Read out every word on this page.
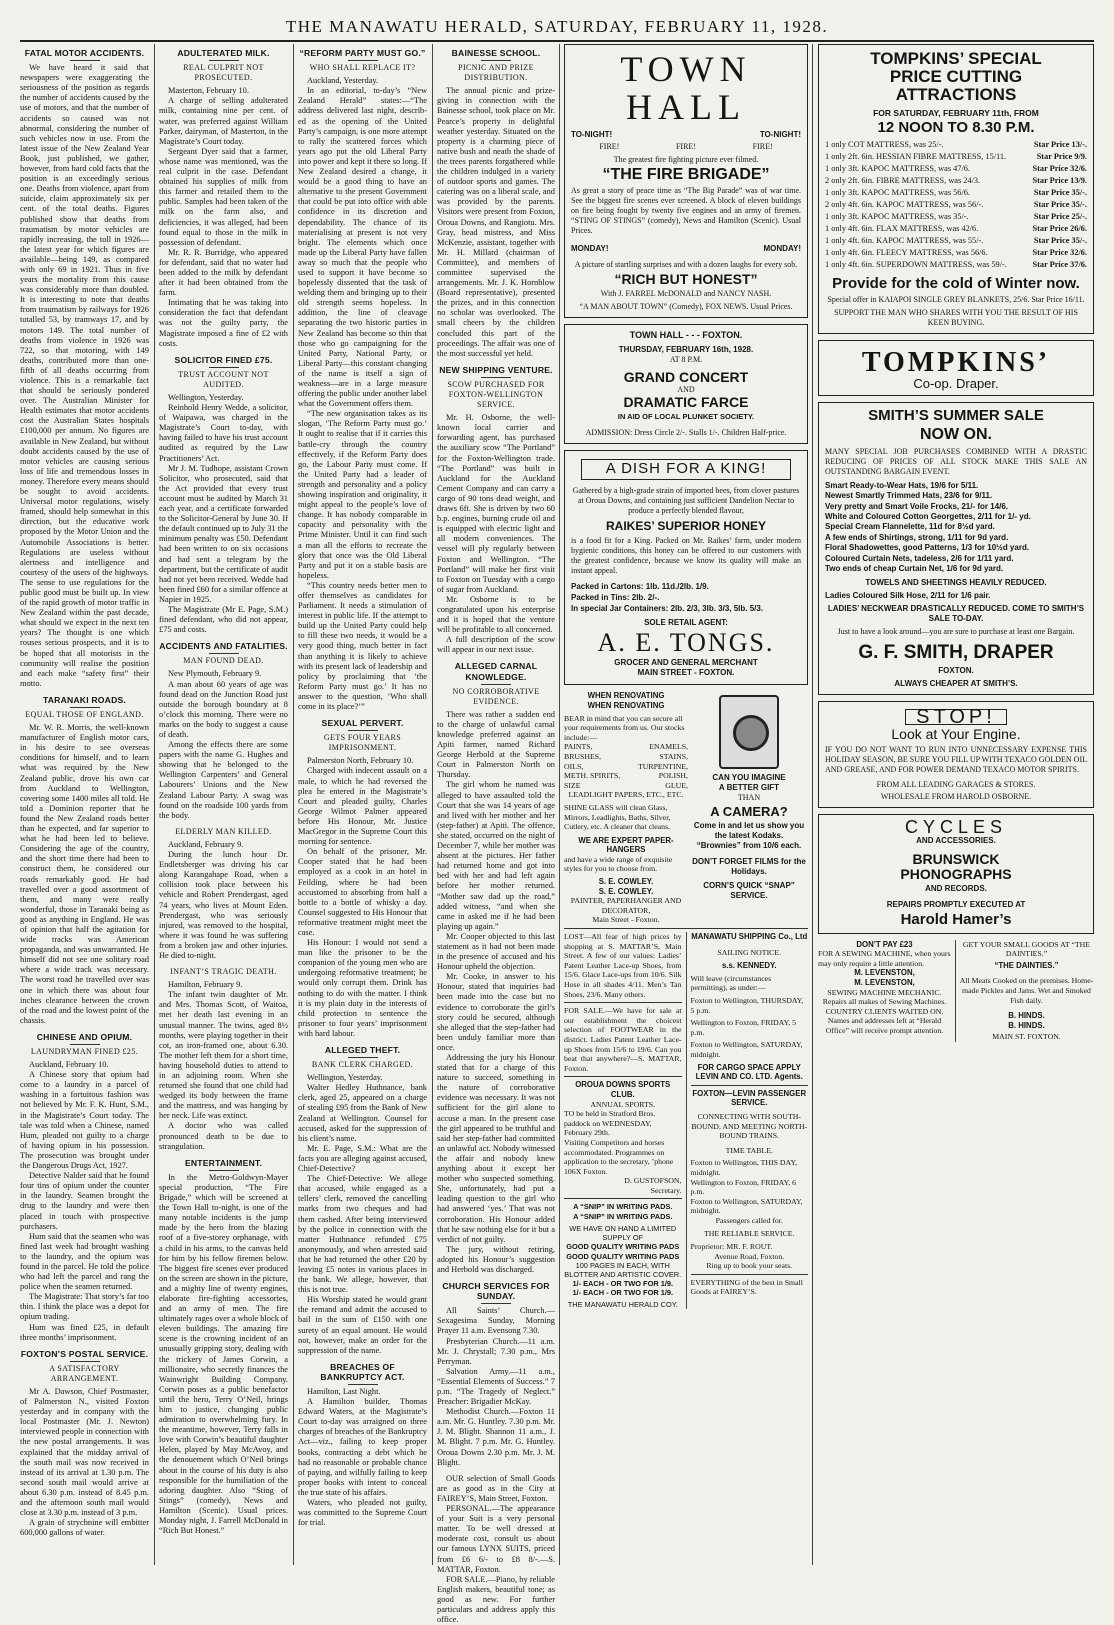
THE MANAWATU HERALD, SATURDAY, FEBRUARY 11, 1928.
FATAL MOTOR ACCIDENTS.

We have heard it said that newspapers were exaggerating the seriousness of the position as regards the number of accidents caused by the use of motors, and that the number of accidents so caused was not abnormal, considering the number of such vehicles now in use. From the latest issue of the New Zealand Year Book, just published, we gather, however, from hard cold facts that the position is an exceedingly serious one. Deaths from violence, apart from suicide, claim approximately six per cent. of the total deaths. Figures published show that deaths from traumatism by motor vehicles are rapidly increasing, the toll in 1926—the latest year for which figures are available—being 149, as compared with only 69 in 1921. Thus in five years the mortality from this cause was considerably more than doubled. It is interesting to note that deaths from traumatism by railways for 1926 totalled 53, by tramways 17, and by motors 149. The total number of deaths from violence in 1926 was 722, so that motoring, with 149 deaths, contributed more than one-fifth of all deaths occurring from violence. This is a remarkable fact that should be seriously pondered over. The Australian Minister for Health estimates that motor accidents cost the Australian States hospitals £100,000 per annum. No figures are available in New Zealand, but without doubt accidents caused by the use of motor vehicles are causing serious loss of life and tremendous losses in money. Therefore every means should be sought to avoid accidents. Universal motor regulations, wisely framed, should help somewhat in this direction, but the educative work proposed by the Motor Union and the Automobile Associations is better. Regulations are useless without alertness and intelligence and courtesy of the users of the highways. The sense to use regulations for the public good must be built up. In view of the rapid growth of motor traffic in New Zealand within the past decade, what should we expect in the next ten years? The thought is one which rouses serious prospects, and it is to be hoped that all motorists in the community will realise the position and each make “safety first” their motto.

TARANAKI ROADS.
EQUAL THOSE OF ENGLAND.

Mr. W. R. Morris, the well-known manufacturer of English motor cars, in his desire to see overseas conditions for himself, and to learn what was required by the New Zealand public, drove his own car from Auckland to Wellington, covering some 1400 miles all told. He told a Dominion reporter that he found the New Zealand roads better than he expected, and far superior to what he had been led to believe. Considering the age of the country, and the short time there had been to construct them, he considered our roads remarkably good. He had travelled over a good assortment of them, and many were really wonderful, those in Taranaki being as good as anything in England. He was of opinion that half the agitation for wide tracks was American propaganda, and was unwarranted. He himself did not see one solitary road where a wide track was necessary. The worst road he travelled over was one in which there was about four inches clearance between the crown of the road and the lowest point of the chassis.

CHINESE AND OPIUM.
LAUNDRYMAN FINED £25.

Auckland, February 10.

A Chinese story that opium had come to a laundry in a parcel of washing in a fortuitous fashion was not believed by Mr. F. K. Hunt, S.M., in the Magistrate’s Court today. The tale was told when a Chinese, named Hum, pleaded not guilty to a charge of having opium in his possession. The prosecution was brought under the Dangerous Drugs Act, 1927.

Detective Nalder said that he found four tins of opium under the counter in the laundry. Seamen brought the drug to the laundry and were then placed in touch with prospective purchasers.

Hum said that the seamen who was fined last week had brought washing to the laundry, and the opium was found in the parcel. He told the police who had left the parcel and rang the police when the seamen returned.

The Magistrate: That story’s far too thin. I think the place was a depot for opium trading.

Hum was fined £25, in default three months’ imprisonment.

FOXTON’S POSTAL SERVICE.
A SATISFACTORY ARRANGEMENT.

Mr A. Dawson, Chief Postmaster, of Palmerston N., visited Foxton yesterday and in company with the local Postmaster (Mr. J. Newton) interviewed people in connection with the new postal arrangements. It was explained that the midday arrival of the south mail was now received in instead of its arrival at 1.30 p.m. The second south mail would arrive at about 6.30 p.m. instead of 8.45 p.m. and the afternoon south mail would close at 3.30 p.m. instead of 3 p.m.

A grain of strychnine will embitter 600,000 gallons of water.

ADULTERATED MILK.
REAL CULPRIT NOT PROSECUTED.

Masterton, February 10.

A charge of selling adulterated milk, containing nine per cent. of water, was preferred against William Parker, dairyman, of Masterton, in the Magistrate’s Court today.

Sergeant Dyer said that a farmer, whose name was mentioned, was the real culprit in the case. Defendant obtained his supplies of milk from this farmer and retailed them to the public. Samples had been taken of the milk on the farm also, and deficiencies, it was alleged, had been found equal to those in the milk in possession of defendant.

Mr. R. R. Burridge, who appeared for defendant, said that no water had been added to the milk by defendant after it had been obtained from the farm.

Intimating that he was taking into consideration the fact that defendant was not the guilty party, the Magistrate imposed a fine of £2 with costs.

SOLICITOR FINED £75.
TRUST ACCOUNT NOT AUDITED.

Wellington, Yesterday.

Reinhold Henry Wedde, a solicitor, of Waipawa, was charged in the Magistrate’s Court to-day, with having failed to have his trust account audited as required by the Law Practitioners’ Act.

Mr J. M. Tudhope, assistant Crown Solicitor, who prosecuted, said that the Act provided that every trust account must be audited by March 31 each year, and a certificate forwarded to the Solicitor-General by June 30. If the default continued up to July 31 the minimum penalty was £50. Defendant had been written to on six occasions and had sent a telegram by the department, but the certificate of audit had not yet been received. Wedde had been fined £60 for a similar offence at Napier in 1925.

The Magistrate (Mr E. Page, S.M.) fined defendant, who did not appear, £75 and costs.

ACCIDENTS AND FATALITIES.
MAN FOUND DEAD.

New Plymouth, February 9.

A man about 60 years of age was found dead on the Junction Road just outside the borough boundary at 8 o’clock this morning. There were no marks on the body to suggest a cause of death.

Among the effects there are some papers with the name G. Hughes and showing that he belonged to the Wellington Carpenters’ and General Labourers’ Unions and the New Zealand Labour Party. A swag was found on the roadside 100 yards from the body.

ELDERLY MAN KILLED.

Auckland, February 9.

During the lunch hour Dr. Endletsberger was driving his car along Karangahape Road, when a collision took place between his vehicle and Robert Prendergast, aged 74 years, who lives at Mount Eden. Prendergast, who was seriously injured, was removed to the hospital, where it was found he was suffering from a broken jaw and other injuries. He died to-night.

INFANT’S TRAGIC DEATH.

Hamilton, February 9.

The infant twin daughter of Mr. and Mrs. Thomas Scott, of Waitoa, met her death last evening in an unusual manner. The twins, aged 8½ months, were playing together in their cot, an iron-framed one, about 6.30. The mother left them for a short time, having household duties to attend to in an adjoining room. When she returned she found that one child had wedged its body between the frame and the mattress, and was hanging by her neck. Life was extinct.

A doctor who was called pronounced death to be due to strangulation.

ENTERTAINMENT.

In the Metro-Goldwyn-Mayer special production, “The Fire Brigade,” which will be screened at the Town Hall to-night, is one of the many notable incidents is the jump made by the hero from the blazing roof of a five-storey orphanage, with a child in his arms, to the canvas held for him by his fellow firemen below. The biggest fire scenes ever produced on the screen are shown in the picture, and a mighty line of twenty engines, elaborate fire-fighting accessories, and an army of men. The fire ultimately rages over a whole block of eleven buildings. The amazing fire scene is the crowning incident of an unusually gripping story, dealing with the trickery of James Corwin, a millionaire, who secretly finances the Wainwright Building Company. Corwin poses as a public benefactor until the hero, Terry O’Neil, brings him to justice, changing public admiration to overwhelming fury. In the meantime, however, Terry falls in love with Corwin’s beautiful daughter Helen, played by May McAvoy, and the denouement which O’Neil brings about in the course of his duty is also responsible for the humiliation of the adoring daughter. Also “Sting of Stings” (comedy), News and Hamilton (Scenic). Usual prices. Monday night, J. Farrell McDonald in “Rich But Honest.”

“REFORM PARTY MUST GO.”
WHO SHALL REPLACE IT?

Auckland, Yesterday.

In an editorial, to-day’s “New Zealand Herald” states:—“The address delivered last night, describ-ed as the opening of the United Party’s campaign, is one more attempt to rally the scattered forces which years ago put the old Liberal Party into power and kept it there so long. If New Zealand desired a change, it would be a good thing to have an alternative to the present Government that could be put into office with able confidence in its discretion and dependability. The chance of its materialising at present is not very bright. The elements which once made up the Liberal Party have fallen away so much that the people who used to support it have become so hopelessly dissented that the task of welding them and bringing up to their old strength seems hopeless. In addition, the line of cleavage separating the two historic parties in New Zealand has become so thin that those who go campaigning for the United Party, National Party, or Liberal Party—this constant changing of the name is itself a sign of weakness—are in a large measure offering the public under another label what the Government offers them.

“The new organisation takes as its slogan, ‘The Reform Party must go.’ It ought to realise that if it carries this battle-cry through the country effectively, if the Reform Party does go, the Labour Party must come. If the United Party had a leader of strength and personality and a policy showing inspiration and originality, it might appeal to the people’s love of change. It has nobody comparable in capacity and personality with the Prime Minister. Until it can find such a man all the efforts to recreate the glory that once was the Old Liberal Party and put it on a stable basis are hopeless.

“This country needs better men to offer themselves as candidates for Parliament. It needs a stimulation of interest in public life. If the attempt to build up the United Party could help to fill these two needs, it would be a very good thing, much better in fact than anything it is likely to achieve with its present lack of leadership and policy by proclaiming that ‘the Reform Party must go.’ It has no answer to the question, ‘Who shall come in its place?’”

SEXUAL PERVERT.
GETS FOUR YEARS IMPRISONMENT.

Palmerston North, February 10.

Charged with indecent assault on a male, to which he had reversed the plea he entered in the Magistrate’s Court and pleaded guilty, Charles George Wilmot Palmer appeared before His Honour, Mr. Justice MacGregor in the Supreme Court this morning for sentence.

On behalf of the prisoner, Mr. Cooper stated that he had been employed as a cook in an hotel in Feilding, where he had been accustomed to absorbing from half a bottle to a bottle of whisky a day. Counsel suggested to His Honour that reformative treatment might meet the case.

His Honour: I would not send a man like the prisoner to be the companion of the young men who are undergoing reformative treatment; he would only corrupt them. Drink has nothing to do with the matter. I think it is my plain duty in the interests of child protection to sentence the prisoner to four years’ imprisonment with hard labour.

ALLEGED THEFT.
BANK CLERK CHARGED.

Wellington, Yesterday.

Walter Hedley Huthnance, bank clerk, aged 25, appeared on a charge of stealing £95 from the Bank of New Zealand at Wellington. Counsel for accused, asked for the suppression of his client’s name.

Mr. E. Page, S.M.: What are the facts you are alleging against accused, Chief-Detective?

The Chief-Detective: We allege that accused, while engaged as a tellers’ clerk, removed the cancelling marks from two cheques and had them cashed. After being interviewed by the police in connection with the matter Huthnance refunded £75 anonymously, and when arrested said that he had returned the other £20 by leaving £5 notes in various places in the bank. We allege, however, that this is not true.

His Worship stated he would grant the remand and admit the accused to bail in the sum of £150 with one surety of an equal amount. He would not, however, make an order for the suppression of the name.

BREACHES OF BANKRUPTCY ACT.

Hamilton, Last Night.

A Hamilton builder, Thomas Edward Waters, at the Magistrate’s Court to-day was arraigned on three charges of breaches of the Bankruptcy Act—viz., failing to keep proper books, contracting a debt which he had no reasonable or probable chance of paying, and wilfully failing to keep proper books with intent to conceal the true state of his affairs.

Waters, who pleaded not guilty, was committed to the Supreme Court for trial.

BAINESSE SCHOOL.
PICNIC AND PRIZE DISTRIBUTION.

The annual picnic and prize-giving in connection with the Bainesse school, took place on Mr. Pearce’s property in delightful weather yesterday. Situated on the property is a charming piece of native bush and neath the shade of the trees parents forgathered while the children indulged in a variety of outdoor sports and games. The catering was on a liberal scale, and was provided by the parents. Visitors were present from Foxton, Oroua Downs, and Rangiotu. Mrs. Gray, head mistress, and Miss McKenzie, assistant, together with Mr. H. Millard (chairman of Committee), and members of committee supervised the arrangements. Mr. J. K. Hornblow (Board representative), presented the prizes, and in this connection no scholar was overlooked. The small cheers by the children concluded this part of the proceedings. The affair was one of the most successful yet held.

NEW SHIPPING VENTURE.
SCOW PURCHASED FOR FOXTON-WELLINGTON SERVICE.

Mr. H. Osborne, the well-known local carrier and forwarding agent, has purchased the auxiliary scow “The Portland” for the Foxton-Wellington trade. “The Portland” was built in Auckland for the Auckland Cement Company and can carry a cargo of 90 tons dead weight, and draws 6ft. She is driven by two 60 b.p. engines, burning crude oil and is equipped with electric light and all modern conveniences. The vessel will ply regularly between Foxton and Wellington. “The Portland” will make her first visit to Foxton on Tuesday with a cargo of sugar from Auckland.

Mr. Osborne is to be congratulated upon his enterprise and it is hoped that the venture will be profitable to all concerned.

A full description of the scow will appear in our next issue.

ALLEGED CARNAL KNOWLEDGE.
NO CORROBORATIVE EVIDENCE.

There was rather a sudden end to the charge of unlawful carnal knowledge preferred against an Apiti farmer, named Richard George Herbold at the Supreme Court in Palmerston North on Thursday.

The girl whom he named was alleged to have assaulted told the Court that she was 14 years of age and lived with her mother and her (step-father) at Apiti. The offence, she stated, occurred on the night of December 7, while her mother was absent at the pictures. Her father had returned home and got into bed with her and had left again before her mother returned. “Mother saw dad up the road,” added witness, “and when she came in asked me if he had been playing up again.”

Mr. Cooper objected to this last statement as it had not been made in the presence of accused and his Honour upheld the objection.

Mr. Cooke, in answer to his Honour, stated that inquiries had been made into the case but no evidence to corroborate the girl’s story could be secured, although she alleged that the step-father had been unduly familiar more than once.

Addressing the jury his Honour stated that for a charge of this nature to succeed, something in the nature of corroborative evidence was necessary. It was not sufficient for the girl alone to accuse a man. In the present case the girl appeared to be truthful and said her step-father had committed an unlawful act. Nobody witnessed the affair and nobody knew anything about it except her mother who suspected something. She, unfortunately, had put a leading question to the girl who had answered ‘yes.’ That was not corroboration. His Honour added that he saw nothing else for it but a verdict of not guilty.

The jury, without retiring, adopted his Honour’s suggestion and Herbold was discharged.

CHURCH SERVICES FOR SUNDAY.

All Saints’ Church.—Sexagesima Sunday, Morning Prayer 11 a.m. Evensong 7.30.

Presbyterian Church.—11 a.m. Mr. J. Chrystall; 7.30 p.m., Mrs Perryman.

Salvation Army.—11 a.m., “Essential Elements of Success.” 7 p.m. “The Tragedy of Neglect.” Preacher: Brigadier McKay.

Methodist Church.—Foxton 11 a.m. Mr. G. Huntley. 7.30 p.m. Mr. J. M. Blight. Shannon 11 a.m., J. M. Blight. 7 p.m. Mr. G. Huntley. Oroua Downs 2.30 p.m. Mr. J. M. Blight.

OUR selection of Small Goods are as good as in the City at FAIREY’S, Main Street, Foxton.

PERSONAL.—The appearance of your Suit is a very personal matter. To be well dressed at moderate cost, consult us about our famous LYNX SUITS, priced from £6 6/- to £8 8/-.—S. MATTAR, Foxton.

FOR SALE.—Piano, by reliable English makers, beautiful tone; as good as new. For further particulars and address apply this office.

TOWN HALL
TO-NIGHT!	TO-NIGHT!
FIRE!	FIRE!	FIRE!
The greatest fire fighting picture ever filmed.
“THE FIRE BRIGADE”
As great a story of peace time as “The Big Parade” was of war time. See the biggest fire scenes ever screened. A block of eleven buildings on fire being fought by twenty five engines and an army of firemen. “STING OF STINGS” (comedy), News and Hamilton (Scenic). Usual Prices.
MONDAY!	MONDAY!
A picture of startling surprises and with a dozen laughs for every sob.
“RICH BUT HONEST”
With J. FARREL McDONALD and NANCY NASH.
“A MAN ABOUT TOWN” (Comedy), FOX NEWS. Usual Prices.
TOWN HALL - - - FOXTON.
THURSDAY, FEBRUARY 16th, 1928.
AT 8 P.M.
GRAND CONCERT
AND
DRAMATIC FARCE
IN AID OF LOCAL PLUNKET SOCIETY.
ADMISSION: Dress Circle 2/-. Stalls 1/-. Children Half-price.
A DISH FOR A KING!
Gathered by a high-grade strain of imported bees, from clover pastures at Oroua Downs, and containing just sufficient Dandelion Nectar to produce a perfectly blended flavour,
RAIKES’ SUPERIOR HONEY
is a food fit for a King. Packed on Mr. Raikes’ farm, under modern hygienic conditions, this honey can be offered to our customers with the greatest confidence, because we know its quality will make an instant appeal.
Packed in Cartons: 1lb. 11d./2lb. 1/9.
Packed in Tins: 2lb. 2/-.
In special Jar Containers: 2lb. 2/3, 3lb. 3/3, 5lb. 5/3.
SOLE RETAIL AGENT:
A. E. TONGS.
GROCER AND GENERAL MERCHANT
MAIN STREET - FOXTON.
WHEN RENOVATING
WHEN RENOVATING
BEAR in mind that you can secure all your requirements from us. Our stocks include:—
PAINTS,	ENAMELS,
BRUSHES,	STAINS,
OILS,	TURPENTINE,
METH. SPIRITS,	POLISH,
SIZE	GLUE,
LEADLIGHT PAPERS, ETC., ETC.
SHINE GLASS will clean Glass, Mirrors, Leadlights, Baths, Silver, Cutlery, etc. A cleaner that cleans.
WE ARE EXPERT PAPER-HANGERS
and have a wide range of exquisite styles for you to choose from.
S. E. COWLEY.
S. E. COWLEY.
PAINTER, PAPERHANGER AND DECORATOR,
Main Street - Foxton.
CAN YOU IMAGINE
A BETTER GIFT
THAN
A CAMERA?
Come in and let us show you the latest Kodaks.
“Brownies” from 10/6 each.
DON’T FORGET FILMS for the Holidays.
CORN’S QUICK “SNAP” SERVICE.
LOST—All fear of high prices by shopping at S. MATTAR’S, Main Street. A few of our values: Ladies’ Patent Leather Lace-up Shoes, from 15/6. Glace Lace-ups from 10/6. Silk Hose in all shades 4/11. Men’s Tan Shoes, 23/6. Many others.
FOR SALE.—We have for sale at our establishment the choicest selection of FOOTWEAR in the district. Ladies Patent Leather Lace-up Shoes from 15/6 to 19/6. Can you beat that anywhere?—S. MATTAR, Foxton.
OROUA DOWNS SPORTS CLUB.
ANNUAL SPORTS.
TO be held in Stratford Bros. paddock on WEDNESDAY, February 29th.
Visiting Competitors and horses accommodated. Programmes on application to the secretary, ’phone 106X Foxton.
D. GUSTOFSON,
Secretary.
A “SNIP” IN WRITING PADS.
A “SNIP” IN WRITING PADS.
WE HAVE ON HAND A LIMITED SUPPLY OF
GOOD QUALITY WRITING PADS
GOOD QUALITY WRITING PADS
100 PAGES IN EACH, WITH BLOTTER AND ARTISTIC COVER.
1/- EACH - OR TWO FOR 1/9.
1/- EACH - OR TWO FOR 1/9.
THE MANAWATU HERALD COY.
MANAWATU SHIPPING Co., Ltd
SAILING NOTICE.
s.s. KENNEDY.
Will leave (circumstances permitting), as under:—
Foxton to Wellington, THURSDAY, 5 p.m.
Wellington to Foxton, FRIDAY, 5 p.m.
Foxton to Wellington, SATURDAY, midnight.
FOR CARGO SPACE APPLY LEVIN AND CO. LTD. Agents.
FOXTON—LEVIN PASSENGER SERVICE.
CONNECTING WITH SOUTH-BOUND, AND MEETING NORTH-BOUND TRAINS.
TIME TABLE.
Foxton to Wellington, THIS DAY, midnight.
Wellington to Foxton, FRIDAY, 6 p.m.
Foxton to Wellington, SATURDAY, midnight.
Passengers called for.
THE RELIABLE SERVICE.
Proprietor: MR. F. ROUT.
Avenue Road, Foxton.
Ring up to book your seats.
EVERYTHING of the best in Small Goods at FAIREY’S.
TOMPKINS’ SPECIAL
PRICE CUTTING
ATTRACTIONS
FOR SATURDAY, FEBRUARY 11th, FROM
12 NOON TO 8.30 P.M.
1 only COT MATTRESS, was 25/-.	Star Price 13/-.
1 only 2ft. 6in. HESSIAN FIBRE MATTRESS, 15/11.	Star Price 9/9.
1 only 3ft. KAPOC MATTRESS, was 47/6.	Star Price 32/6.
2 only 2ft. 6in. FIBRE MATTRESS, was 24/3.	Star Price 13/9.
1 only 3ft. KAPOC MATTRESS, was 56/6.	Star Price 35/-.
2 only 4ft. 6in. KAPOC MATTRESS, was 56/-.	Star Price 35/-.
1 only 3ft. KAPOC MATTRESS, was 35/-.	Star Price 25/-.
1 only 4ft. 6in. FLAX MATTRESS, was 42/6.	Star Price 26/6.
1 only 4ft. 6in. KAPOC MATTRESS, was 55/-.	Star Price 35/-.
1 only 4ft. 6in. FLEECY MATTRESS, was 56/6.	Star Price 32/6.
1 only 4ft. 6in. SUPERDOWN MATTRESS, was 59/-.	Star Price 37/6.
Provide for the cold of Winter now.
Special offer in KAIAPOI SINGLE GREY BLANKETS, 25/6. Star Price 16/11.
SUPPORT THE MAN WHO SHARES WITH YOU THE RESULT OF HIS KEEN BUYING.
TOMPKINS’
Co-op. Draper.
SMITH’S SUMMER SALE
NOW ON.
MANY SPECIAL JOB PURCHASES COMBINED WITH A DRASTIC REDUCING OF PRICES OF ALL STOCK MAKE THIS SALE AN OUTSTANDING BARGAIN EVENT.
Smart Ready-to-Wear Hats, 19/6 for 5/11.
Newest Smartly Trimmed Hats, 23/6 for 9/11.
Very pretty and Smart Voile Frocks, 21/- for 14/6.
White and Coloured Cotton Georgettes, 2/11 for 1/- yd.
Special Cream Flannelette, 11d for 8½d yard.
A few ends of Shirtings, strong, 1/11 for 9d yard.
Floral Shadowettes, good Patterns, 1/3 for 10½d yard.
Coloured Curtain Nets, tadeless, 2/6 for 1/11 yard.
Two ends of cheap Curtain Net, 1/6 for 9d yard.
TOWELS AND SHEETINGS HEAVILY REDUCED.
Ladies Coloured Silk Hose, 2/11 for 1/6 pair.
LADIES’ NECKWEAR DRASTICALLY REDUCED. COME TO SMITH’S SALE TO-DAY.
Just to have a look around—you are sure to purchase at least one Bargain.
G. F. SMITH, DRAPER
FOXTON.
ALWAYS CHEAPER AT SMITH’S.
STOP!
Look at Your Engine.
IF YOU DO NOT WANT TO RUN INTO UNNECESSARY EXPENSE THIS HOLIDAY SEASON, BE SURE YOU FILL UP WITH TEXACO GOLDEN OIL AND GREASE, AND FOR POWER DEMAND TEXACO MOTOR SPIRITS.
FROM ALL LEADING GARAGES & STORES.
WHOLESALE FROM HAROLD OSBORNE.
CYCLES
AND ACCESSORIES.
BRUNSWICK
PHONOGRAPHS
AND RECORDS.
REPAIRS PROMPTLY EXECUTED AT
Harold Hamer’s
DON’T PAY £23
FOR A SEWING MACHINE, when yours may only require a little attention.
M. LEVENSTON,
M. LEVENSTON,
SEWING MACHINE MECHANIC.
Repairs all makes of Sewing Machines.
COUNTRY CLIENTS WAITED ON. Names and addresses left at “Herald Office” will receive prompt attention.
GET YOUR SMALL GOODS AT “THE DAINTIES.”
“THE DAINTIES.”
All Meats Cooked on the premises. Home-made Pickles and Jams. Wet and Smoked Fish daily.
B. HINDS.
B. HINDS.
MAIN ST. FOXTON.
